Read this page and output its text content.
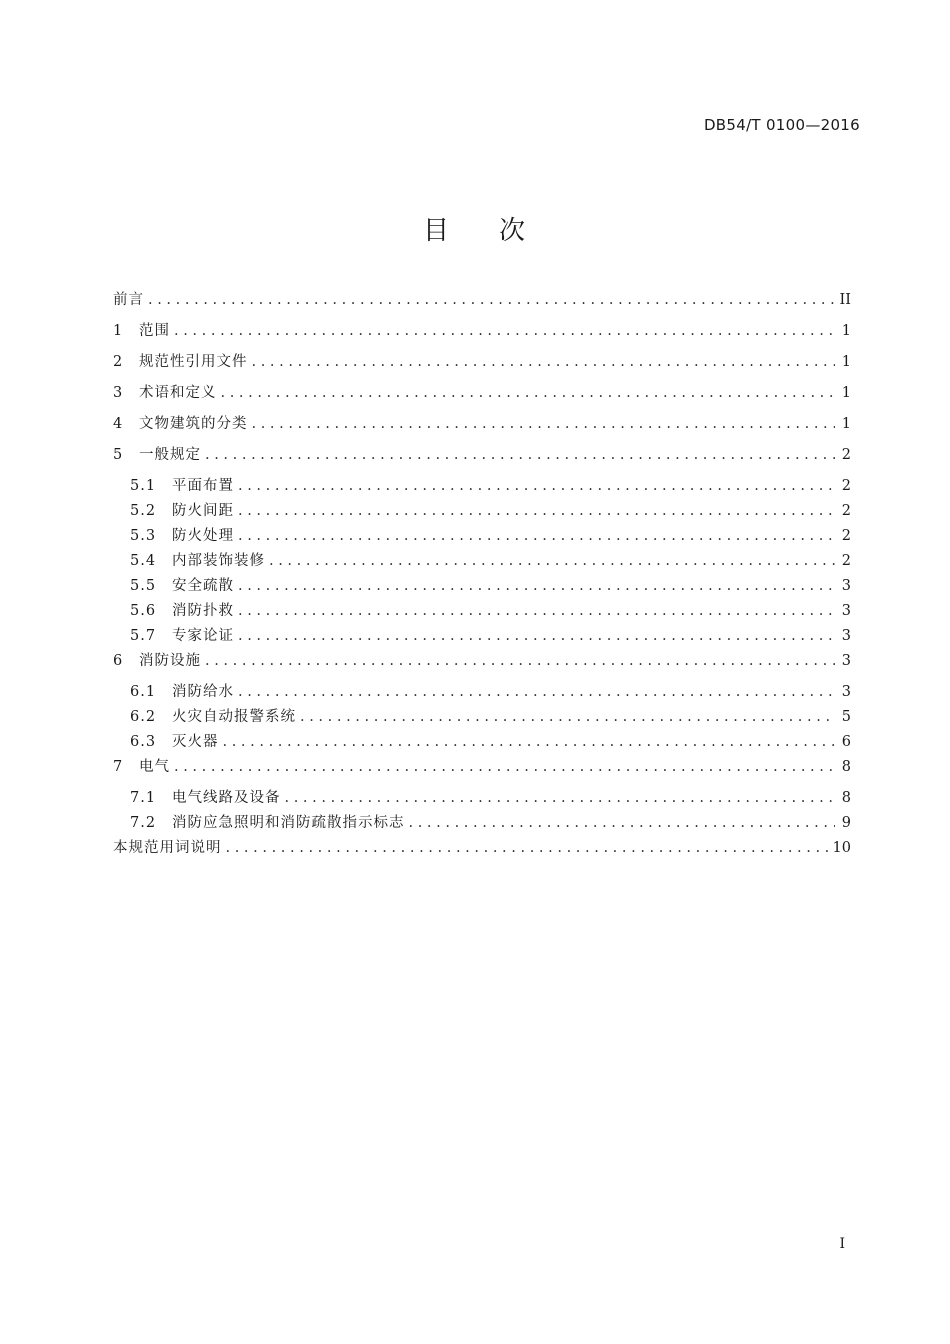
DB54/T 0100—2016
目 次
前言 . . .	II
1	范围 . . .	1
2	规范性引用文件 . . .	1
3	术语和定义 . . .	1
4	文物建筑的分类 . . .	1
5	一般规定 . . .	2
5.1	平面布置 . . .	2
5.2	防火间距 . . .	2
5.3	防火处理 . . .	2
5.4	内部装饰装修 . . .	2
5.5	安全疏散 . . .	3
5.6	消防扑救 . . .	3
5.7	专家论证 . . .	3
6	消防设施 . . .	3
6.1	消防给水 . . .	3
6.2	火灾自动报警系统 . . .	5
6.3	灭火器 . . .	6
7	电气 . . .	8
7.1	电气线路及设备 . . .	8
7.2	消防应急照明和消防疏散指示标志 . . .	9
本规范用词说明 . . .	10
I
